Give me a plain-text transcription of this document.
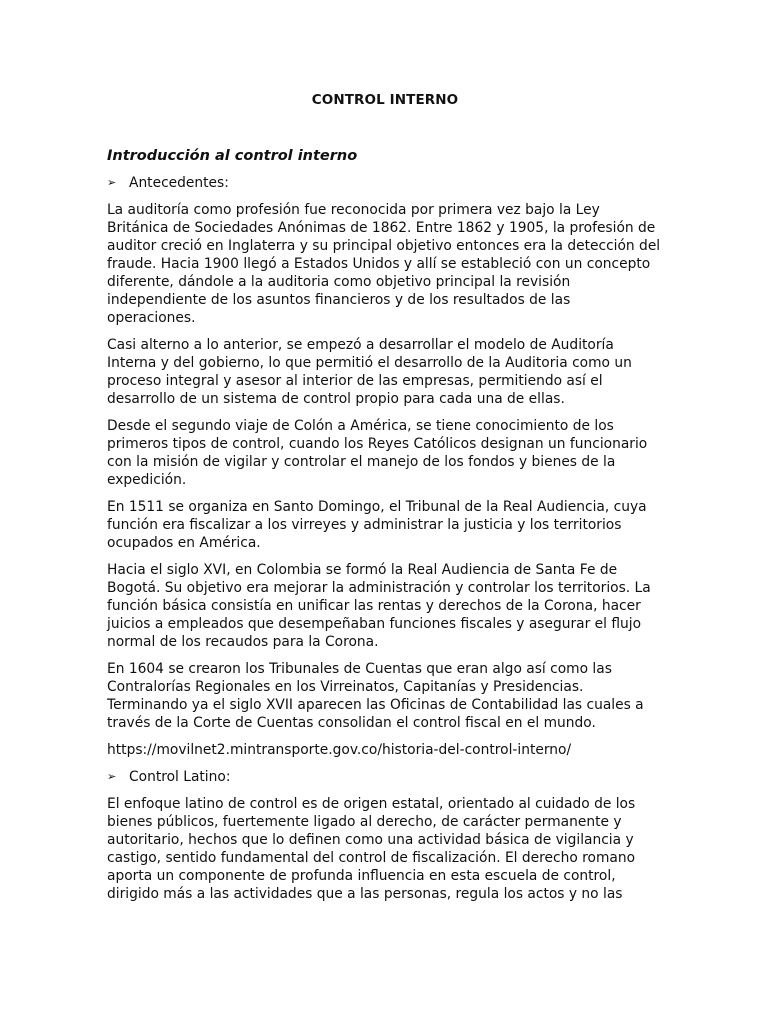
CONTROL INTERNO
Introducción al control interno
➢ Antecedentes:

La auditoría como profesión fue reconocida por primera vez bajo la Ley Británica de Sociedades Anónimas de 1862. Entre 1862 y 1905, la profesión de auditor creció en Inglaterra y su principal objetivo entonces era la detección del fraude. Hacia 1900 llegó a Estados Unidos y allí se estableció con un concepto diferente, dándole a la auditoria como objetivo principal la revisión independiente de los asuntos financieros y de los resultados de las operaciones.

Casi alterno a lo anterior, se empezó a desarrollar el modelo de Auditoría Interna y del gobierno, lo que permitió el desarrollo de la Auditoria como un proceso integral y asesor al interior de las empresas, permitiendo así el desarrollo de un sistema de control propio para cada una de ellas.

Desde el segundo viaje de Colón a América, se tiene conocimiento de los primeros tipos de control, cuando los Reyes Católicos designan un funcionario con la misión de vigilar y controlar el manejo de los fondos y bienes de la expedición.

En 1511 se organiza en Santo Domingo, el Tribunal de la Real Audiencia, cuya función era fiscalizar a los virreyes y administrar la justicia y los territorios ocupados en América.

Hacia el siglo XVI, en Colombia se formó la Real Audiencia de Santa Fe de Bogotá. Su objetivo era mejorar la administración y controlar los territorios. La función básica consistía en unificar las rentas y derechos de la Corona, hacer juicios a empleados que desempeñaban funciones fiscales y asegurar el flujo normal de los recaudos para la Corona.

En 1604 se crearon los Tribunales de Cuentas que eran algo así como las Contralorías Regionales en los Virreinatos, Capitanías y Presidencias. Terminando ya el siglo XVII aparecen las Oficinas de Contabilidad las cuales a través de la Corte de Cuentas consolidan el control fiscal en el mundo.

https://movilnet2.mintransporte.gov.co/historia-del-control-interno/

➢ Control Latino:

El enfoque latino de control es de origen estatal, orientado al cuidado de los bienes públicos, fuertemente ligado al derecho, de carácter permanente y autoritario, hechos que lo definen como una actividad básica de vigilancia y castigo, sentido fundamental del control de fiscalización. El derecho romano aporta un componente de profunda influencia en esta escuela de control, dirigido más a las actividades que a las personas, regula los actos y no las
